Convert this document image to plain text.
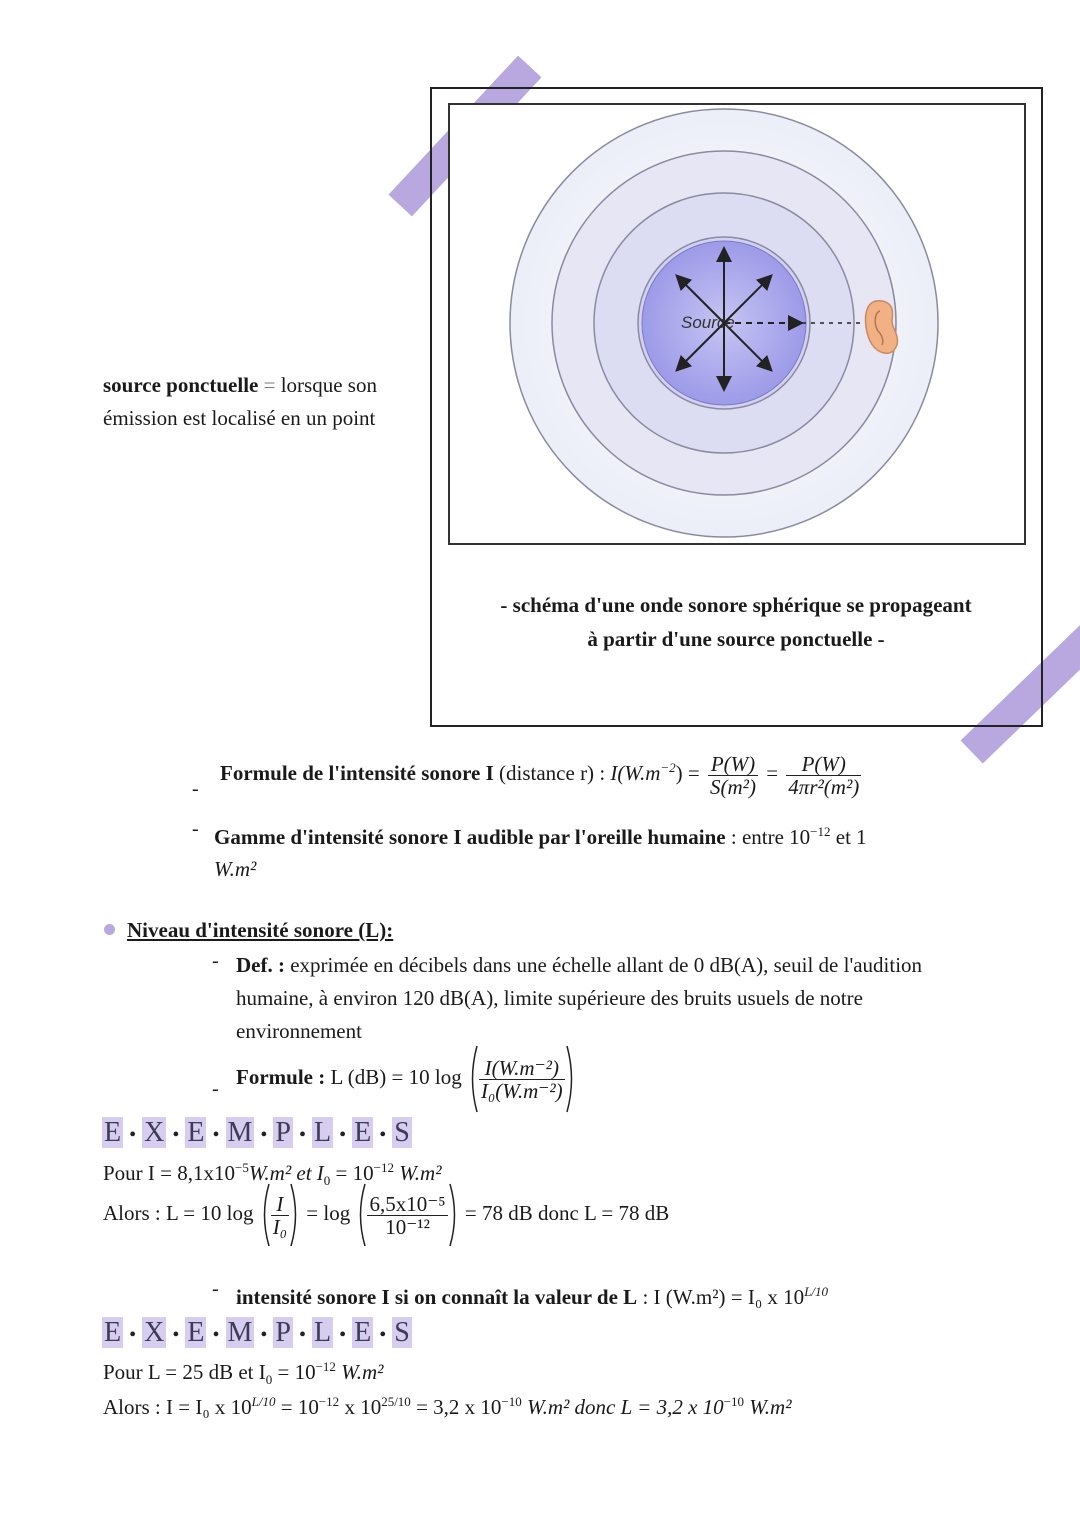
source ponctuelle = lorsque son émission est localisé en un point
Source
- schéma d'une onde sonore sphérique se propageant
à partir d'une source ponctuelle -
-
Formule de l'intensité sonore I (distance r) : $I(W.m^{-2}) = \frac{P(W)}{\text{S(m²)}} = \frac{P(W)}{\text{4πr²(m²)}}$
- Gamme d'intensité sonore I audible par l'oreille humaine : entre $10^{-12}$ et 1
W.m²
Niveau d'intensité sonore (L):
- Def. : exprimée en décibels dans une échelle allant de 0 dB(A), seuil de l'audition humaine, à environ 120 dB(A), limite supérieure des bruits usuels de notre environnement
-
Formule : L (dB) = 10 $\log \frac{\text{I(W.m⁻²)}}{\text{I₀(W.m⁻²)}}$
E • X • E • M • P • L • E • S
Pour $I = 8,1x10^{-5}W.m^2$ et $I_0 = 10^{-12}$ W.m²
Alors : L = 10 $\log \frac{I}{\text{I₀}} = \log \frac{\text{6,5x10⁻⁵}}{\text{10⁻¹²}} = 78$ dB donc L = 78 dB
- intensité sonore I si on connaît la valeur de L : I (W.m²) = I₀ x $10^{L/10}$
E • X • E • M • P • L • E • S
Pour L = 25 dB et $I_0 = 10^{-12}$ W.m²
Alors : I = I₀ x $10^{L/10} = 10^{-12}$ x $10^{25/10} = 3,2$ x $10^{-10}$ W.m² donc L = 3,2 x $10^{-10}$ W.m²
